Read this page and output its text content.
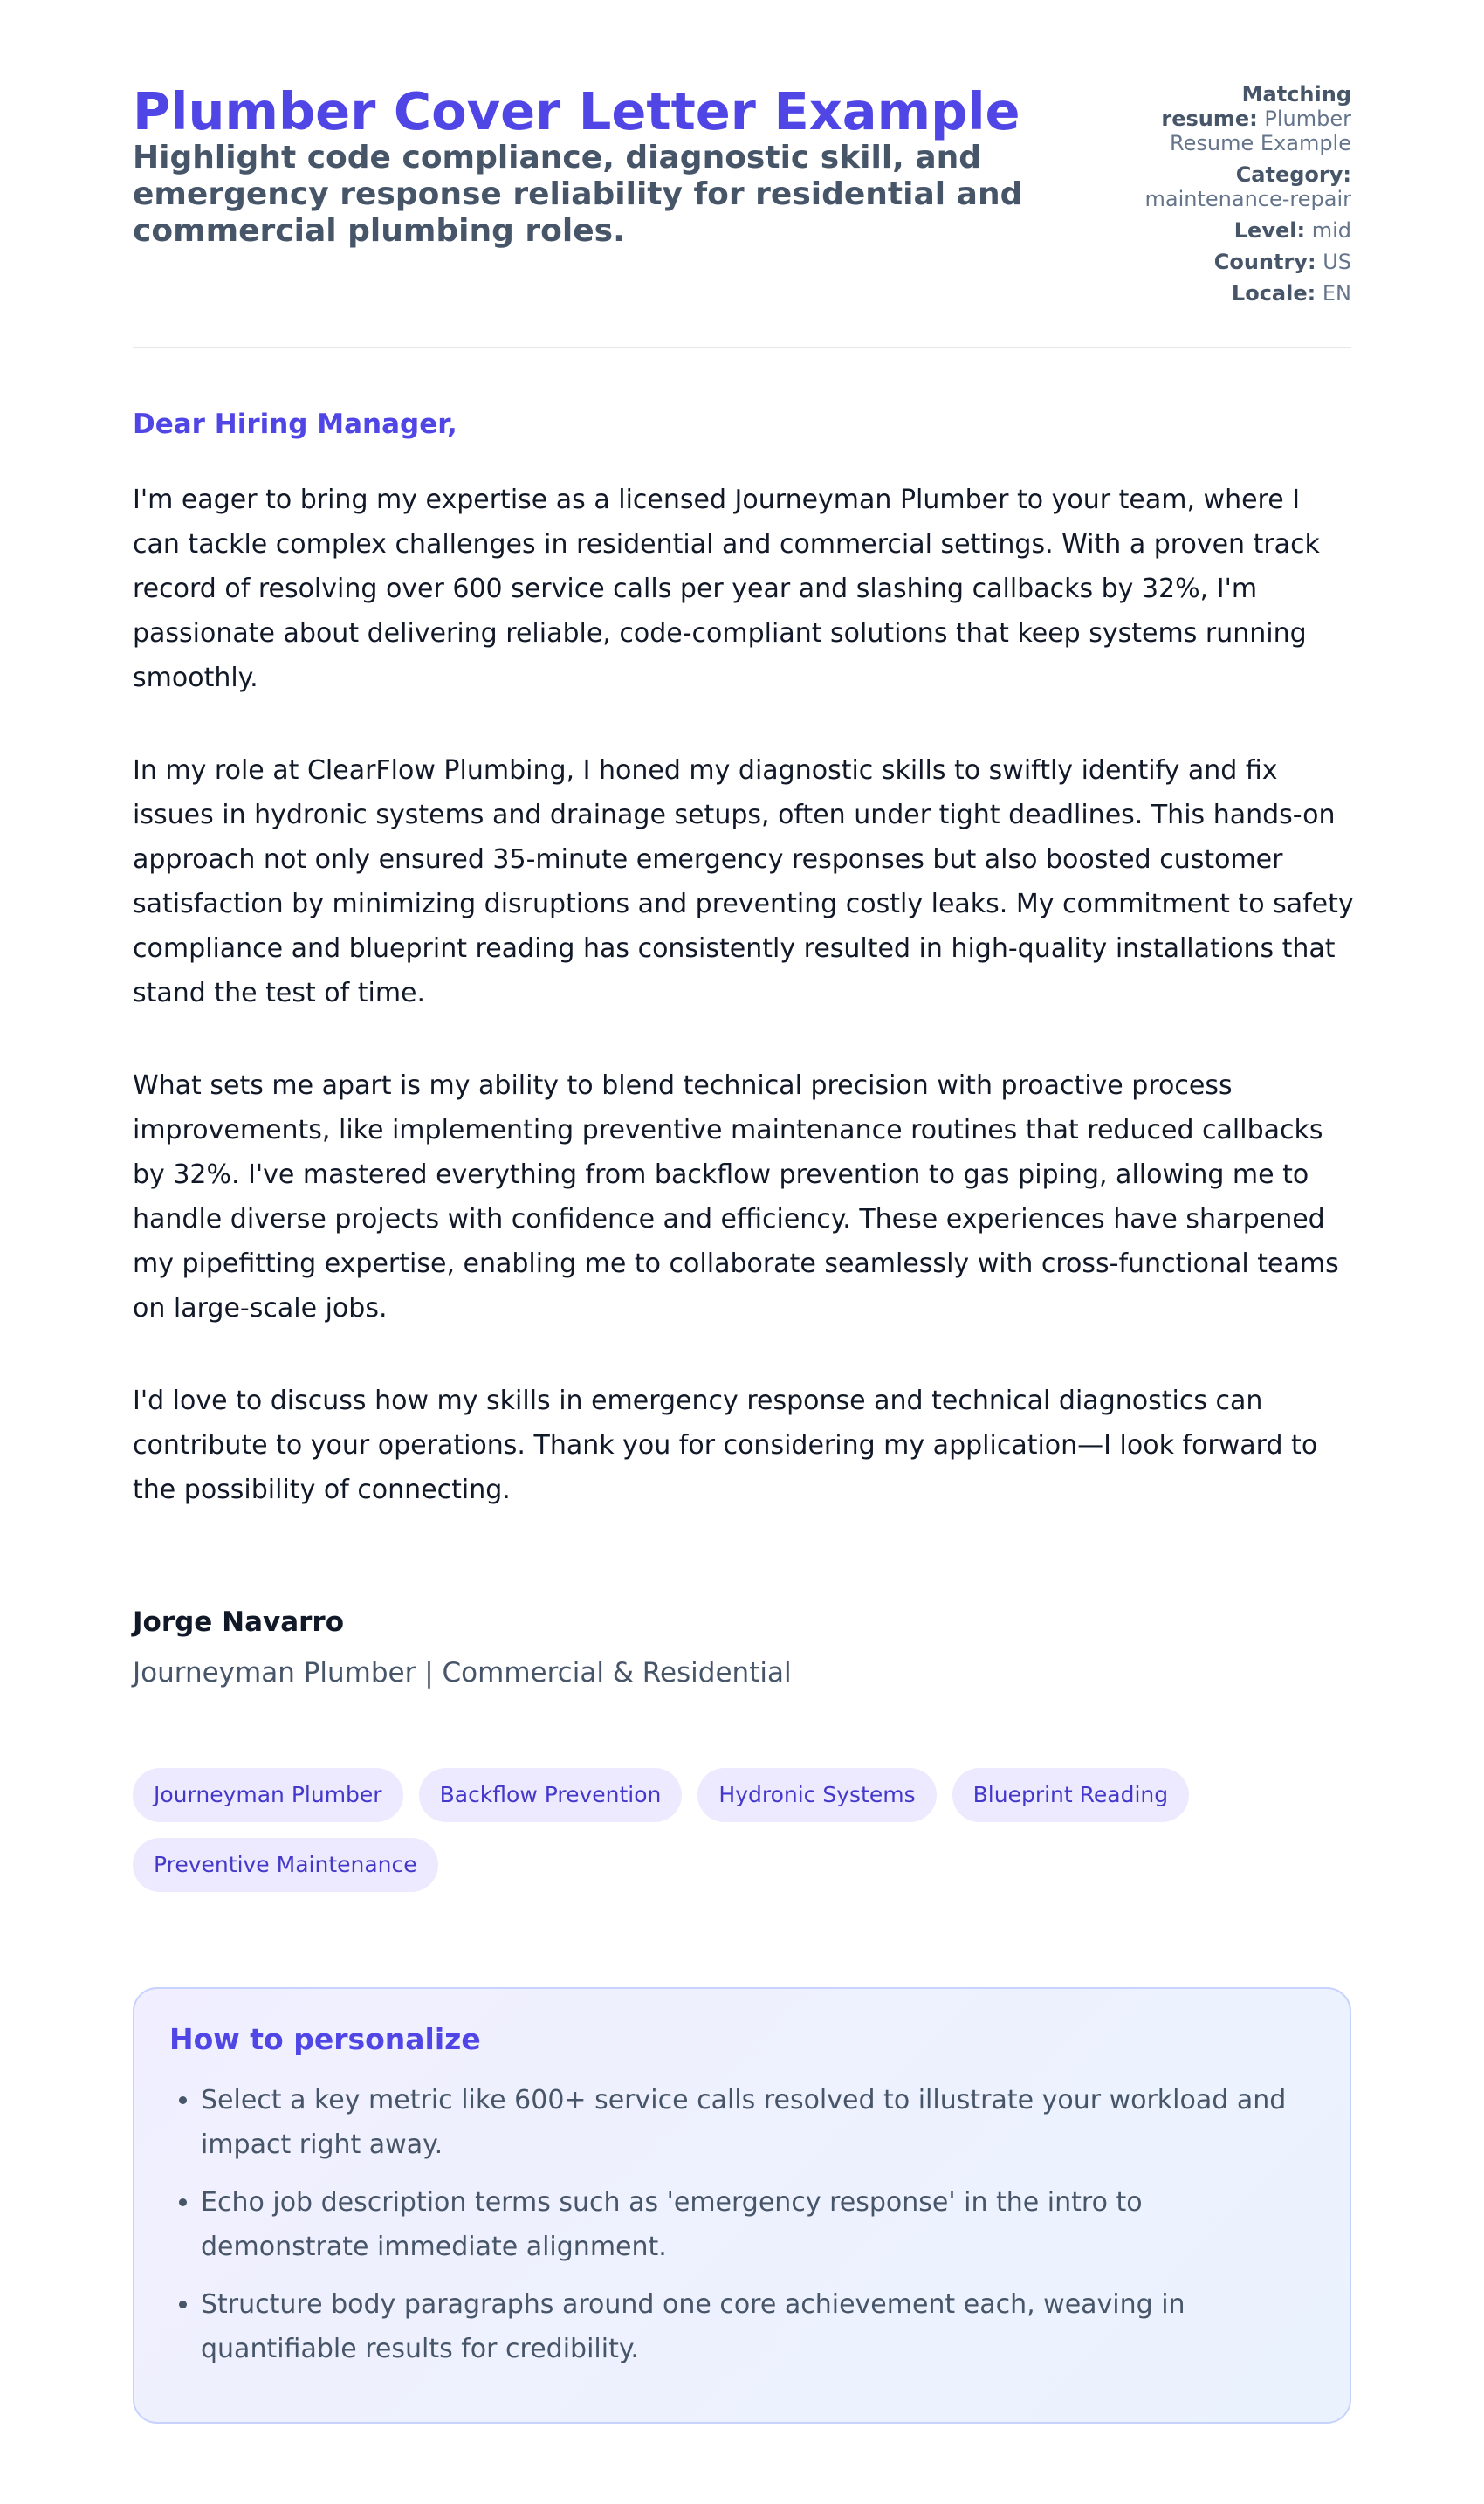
Plumber Cover Letter Example

Highlight code compliance, diagnostic skill, and emergency response reliability for residential and commercial plumbing roles.

Matching resume: Plumber Resume Example
Category:
maintenance-repair
Level: mid
Country: US
Locale: EN
Dear Hiring Manager,

I'm eager to bring my expertise as a licensed Journeyman Plumber to your team, where I can tackle complex challenges in residential and commercial settings. With a proven track record of resolving over 600 service calls per year and slashing callbacks by 32%, I'm passionate about delivering reliable, code-compliant solutions that keep systems running smoothly.

In my role at ClearFlow Plumbing, I honed my diagnostic skills to swiftly identify and fix issues in hydronic systems and drainage setups, often under tight deadlines. This hands-on approach not only ensured 35-minute emergency responses but also boosted customer satisfaction by minimizing disruptions and preventing costly leaks. My commitment to safety compliance and blueprint reading has consistently resulted in high-quality installations that stand the test of time.

What sets me apart is my ability to blend technical precision with proactive process improvements, like implementing preventive maintenance routines that reduced callbacks by 32%. I've mastered everything from backflow prevention to gas piping, allowing me to handle diverse projects with confidence and efficiency. These experiences have sharpened my pipefitting expertise, enabling me to collaborate seamlessly with cross-functional teams on large-scale jobs.

I'd love to discuss how my skills in emergency response and technical diagnostics can contribute to your operations. Thank you for considering my application—I look forward to the possibility of connecting.

Jorge Navarro
Journeyman Plumber | Commercial & Residential
Journeyman Plumber	Backflow Prevention	Hydronic Systems	Blueprint Reading
Preventive Maintenance
How to personalize
• Select a key metric like 600+ service calls resolved to illustrate your workload and impact right away.
• Echo job description terms such as 'emergency response' in the intro to demonstrate immediate alignment.
• Structure body paragraphs around one core achievement each, weaving in quantifiable results for credibility.
